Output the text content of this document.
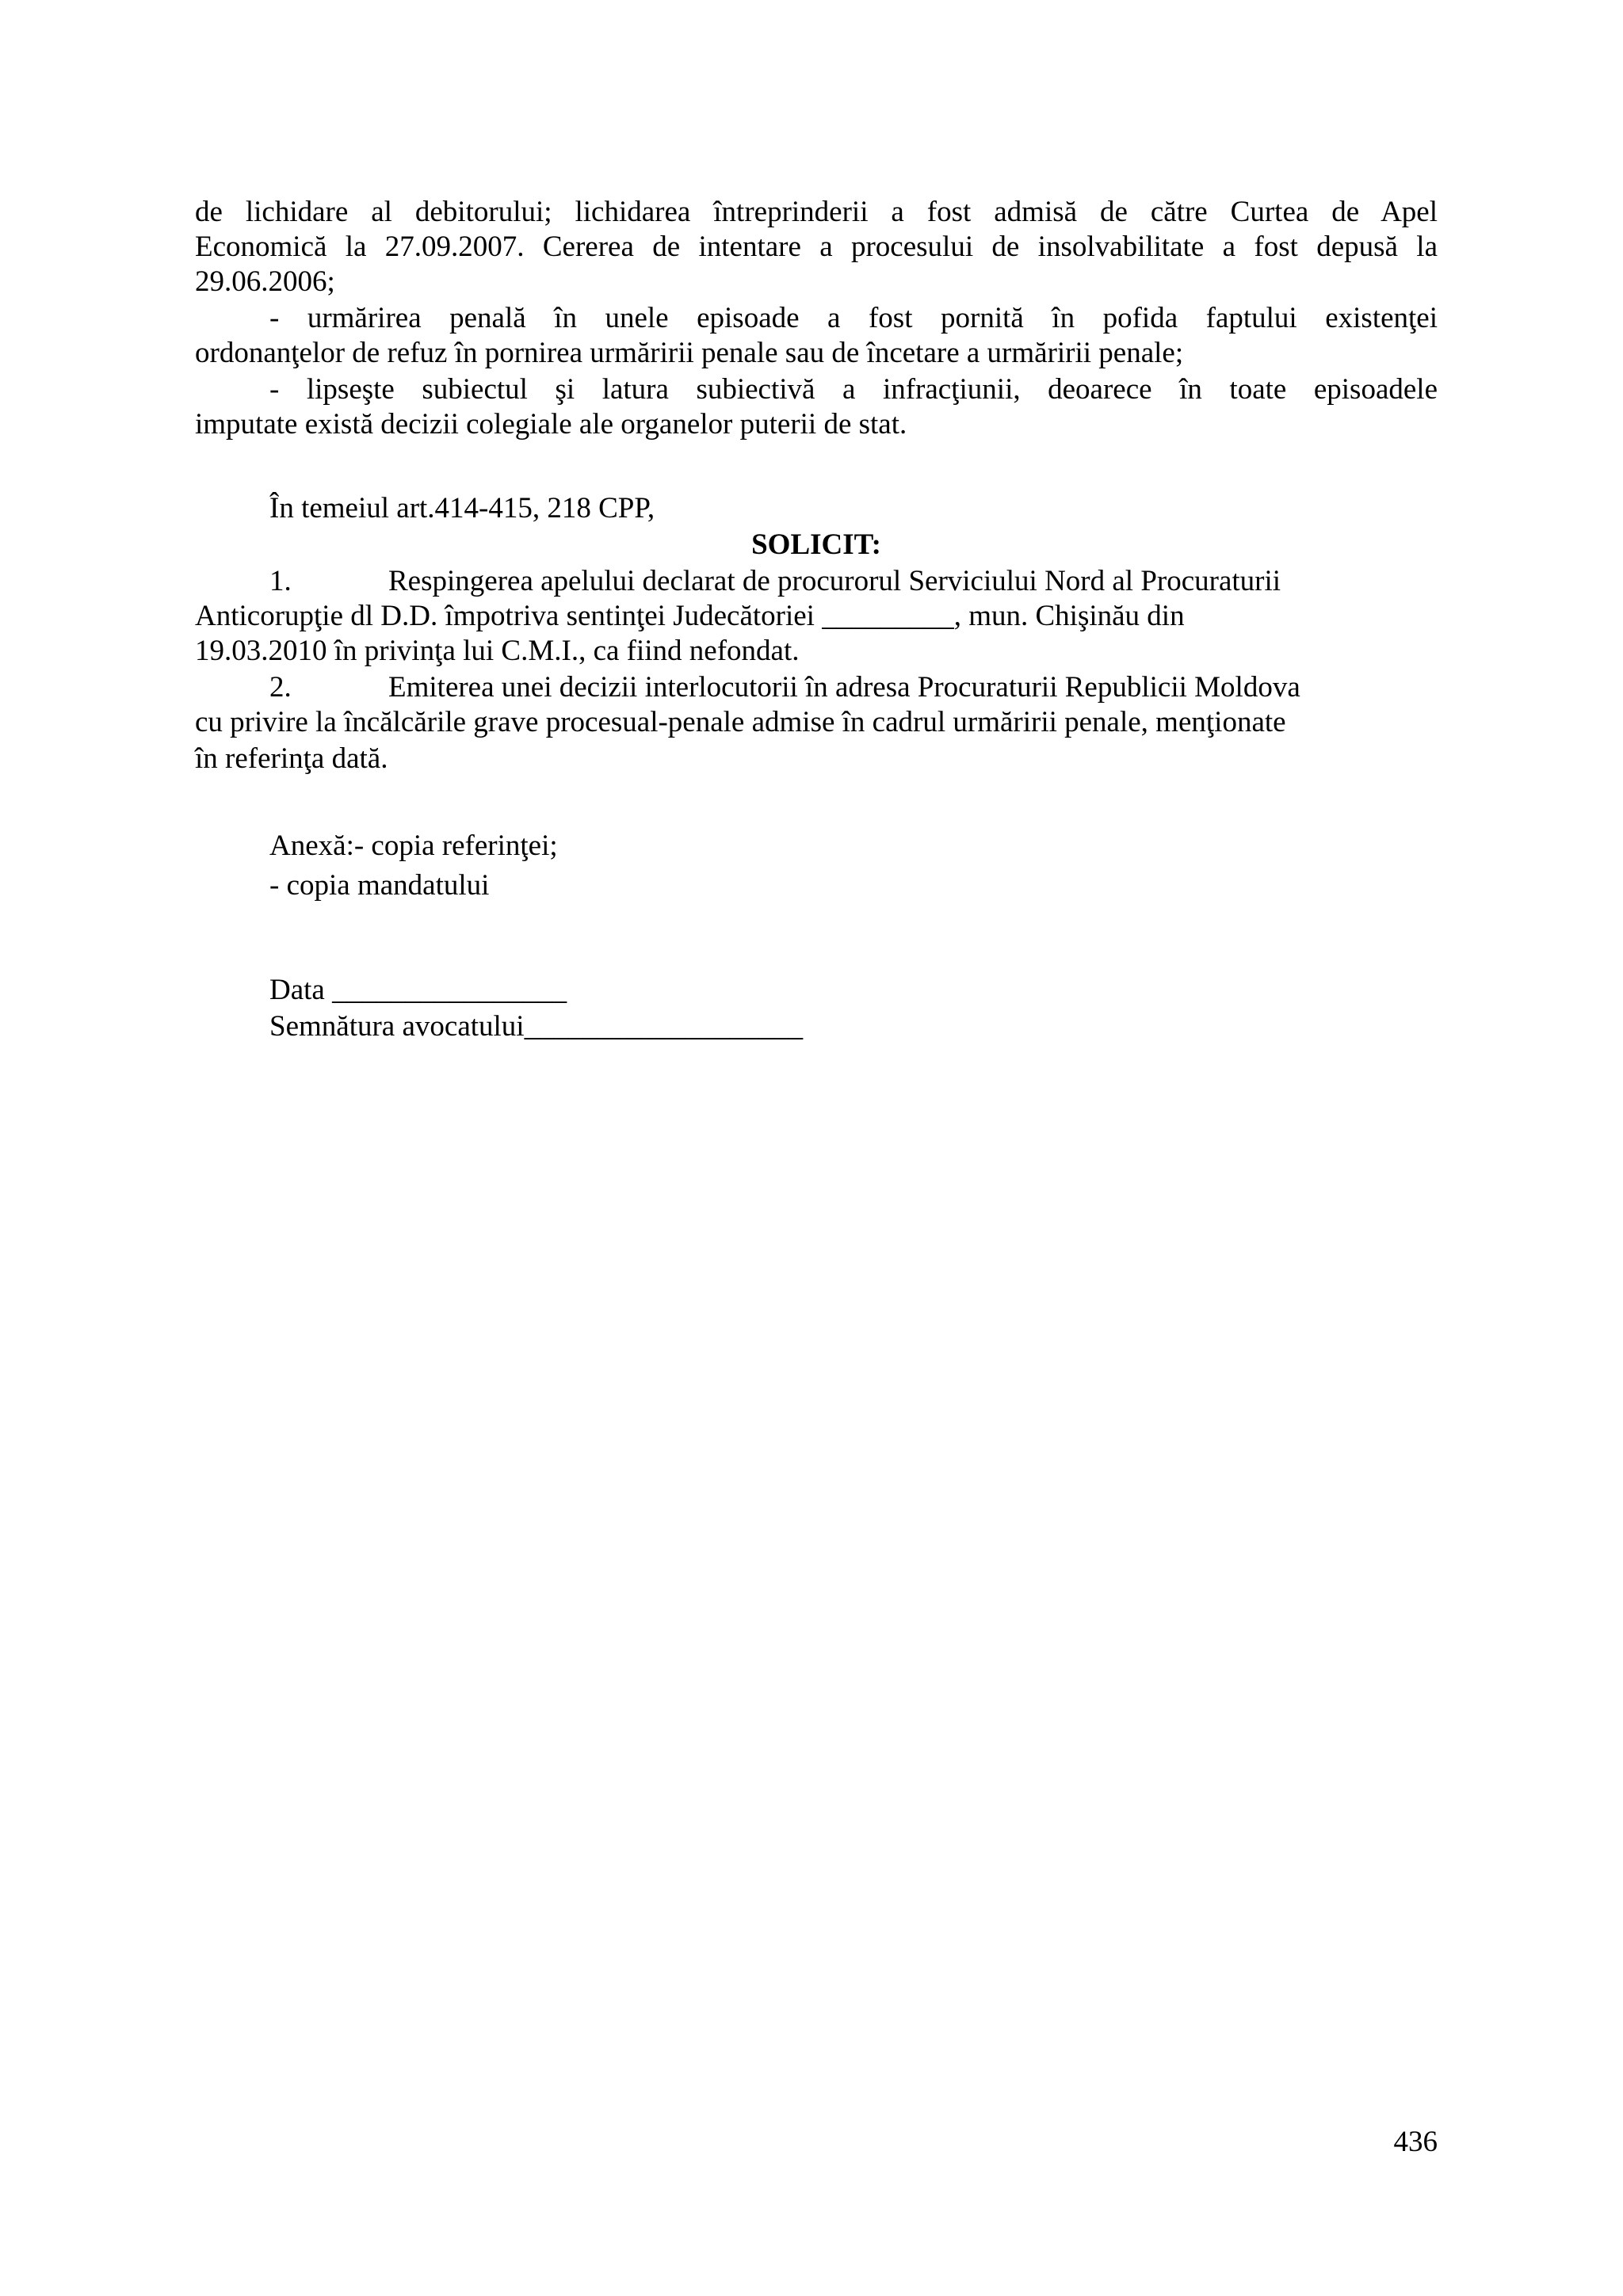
de lichidare al debitorului; lichidarea întreprinderii a fost admisă de către Curtea de Apel

Economică la 27.09.2007. Cererea de intentare a procesului de insolvabilitate a fost depusă la

29.06.2006;

- urmărirea penală în unele episoade a fost pornită în pofida faptului existenţei

ordonanţelor de refuz în pornirea urmăririi penale sau de încetare a urmăririi penale;

- lipseşte subiectul şi latura subiectivă a infracţiunii, deoarece în toate episoadele

imputate există decizii colegiale ale organelor puterii de stat.

În temeiul art.414-415, 218 CPP,

SOLICIT:

1.	Respingerea apelului declarat de procurorul Serviciului Nord al Procuraturii

Anticorupţie dl D.D. împotriva sentinţei Judecătoriei _________, mun. Chişinău din

19.03.2010 în privinţa lui C.M.I., ca fiind nefondat.

2.	Emiterea unei decizii interlocutorii în adresa Procuraturii Republicii Moldova

cu privire la încălcările grave procesual-penale admise în cadrul urmăririi penale, menţionate

în referinţa dată.

Anexă:- copia referinţei;

- copia mandatului

Data ________________

Semnătura avocatului___________________

436
